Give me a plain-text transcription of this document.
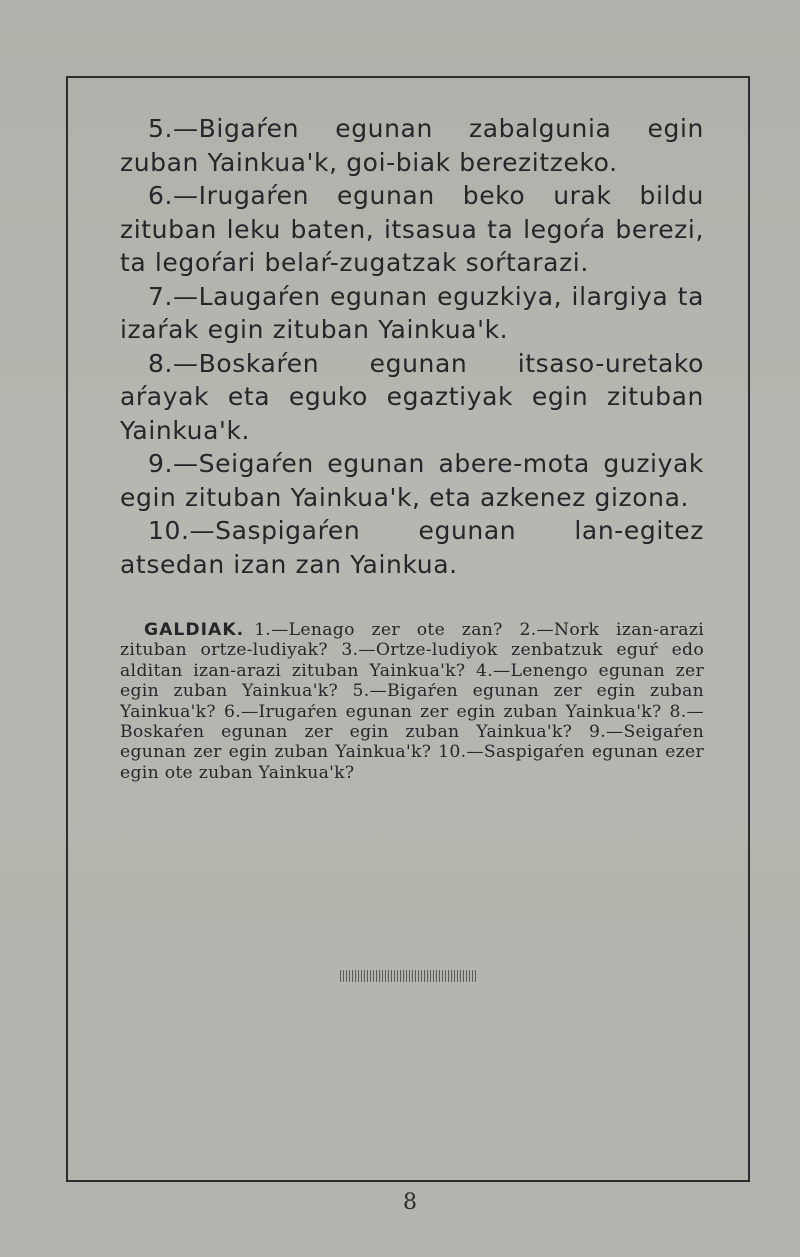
5.—Bigaŕen egunan zabalgunia egin zuban Yainkua'k, goi-biak berezitzeko.

6.—Irugaŕen egunan beko urak bildu zituban leku baten, itsasua ta legoŕa berezi, ta legoŕari belaŕ-zugatzak soŕtarazi.

7.—Laugaŕen egunan eguzkiya, ilargiya ta izaŕak egin zituban Yainkua'k.

8.—Boskaŕen egunan itsaso-uretako aŕayak eta eguko egaztiyak egin zituban Yainkua'k.

9.—Seigaŕen egunan abere-mota guziyak egin zituban Yainkua'k, eta azkenez gizona.

10.—Saspigaŕen egunan lan-egitez atsedan izan zan Yainkua.

GALDIAK. 1.—Lenago zer ote zan? 2.—Nork izan-arazi zituban ortze-ludiyak? 3.—Ortze-ludiyok zenbatzuk eguŕ edo alditan izan-arazi zituban Yainkua'k? 4.—Lenengo egunan zer egin zuban Yainkua'k? 5.—Bigaŕen egunan zer egin zuban Yainkua'k? 6.—Irugaŕen egunan zer egin zuban Yainkua'k? 8.—Boskaŕen egunan zer egin zuban Yainkua'k? 9.—Seigaŕen egunan zer egin zuban Yainkua'k? 10.—Saspigaŕen egunan ezer egin ote zuban Yainkua'k?
8
